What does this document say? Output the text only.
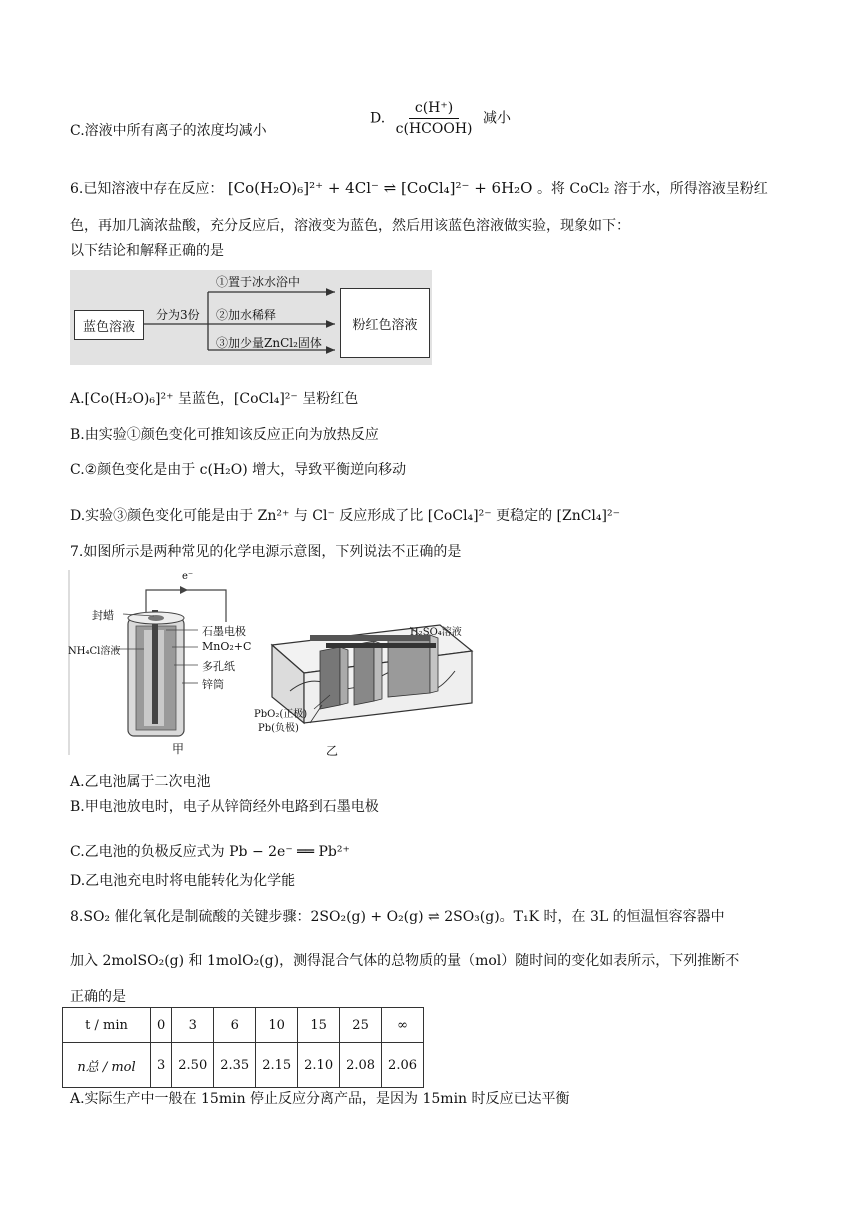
C.溶液中所有离子的浓度均减小
D. $\frac{c(H^+)}{\text{c(HCOOH)}}$ 减小
6.已知溶液中存在反应： [Co(H₂O)₆]²⁺ + 4Cl⁻ ⇌ [CoCl₄]²⁻ + 6H₂O 。将 CoCl₂ 溶于水，所得溶液呈粉红
色，再加几滴浓盐酸，充分反应后，溶液变为蓝色，然后用该蓝色溶液做实验，现象如下：
以下结论和解释正确的是
蓝色溶液
分为3份
①置于冰水浴中
②加水稀释
③加少量ZnCl₂固体
粉红色溶液
A.[Co(H₂O)₆]²⁺ 呈蓝色，[CoCl₄]²⁻ 呈粉红色
B.由实验①颜色变化可推知该反应正向为放热反应
C.②颜色变化是由于 c(H₂O) 增大，导致平衡逆向移动
D.实验③颜色变化可能是由于 Zn²⁺ 与 Cl⁻ 反应形成了比 [CoCl₄]²⁻ 更稳定的 [ZnCl₄]²⁻
7.如图所示是两种常见的化学电源示意图，下列说法不正确的是
e⁻
封蜡
NH₄Cl溶液
石墨电极
MnO₂+C
多孔纸
锌筒
甲
H₂SO₄溶液
PbO₂(正极)
Pb(负极)
乙
A.乙电池属于二次电池
B.甲电池放电时，电子从锌筒经外电路到石墨电极
C.乙电池的负极反应式为 Pb − 2e⁻ ══ Pb²⁺
D.乙电池充电时将电能转化为化学能
8.SO₂ 催化氧化是制硫酸的关键步骤：2SO₂(g) + O₂(g) ⇌ 2SO₃(g)。T₁K 时，在 3L 的恒温恒容容器中
加入 2molSO₂(g) 和 1molO₂(g)，测得混合气体的总物质的量（mol）随时间的变化如表所示，下列推断不
正确的是
t / min	0	3	6	10	15	25	∞
n总 / mol	3	2.50	2.35	2.15	2.10	2.08	2.06
A.实际生产中一般在 15min 停止反应分离产品，是因为 15min 时反应已达平衡
